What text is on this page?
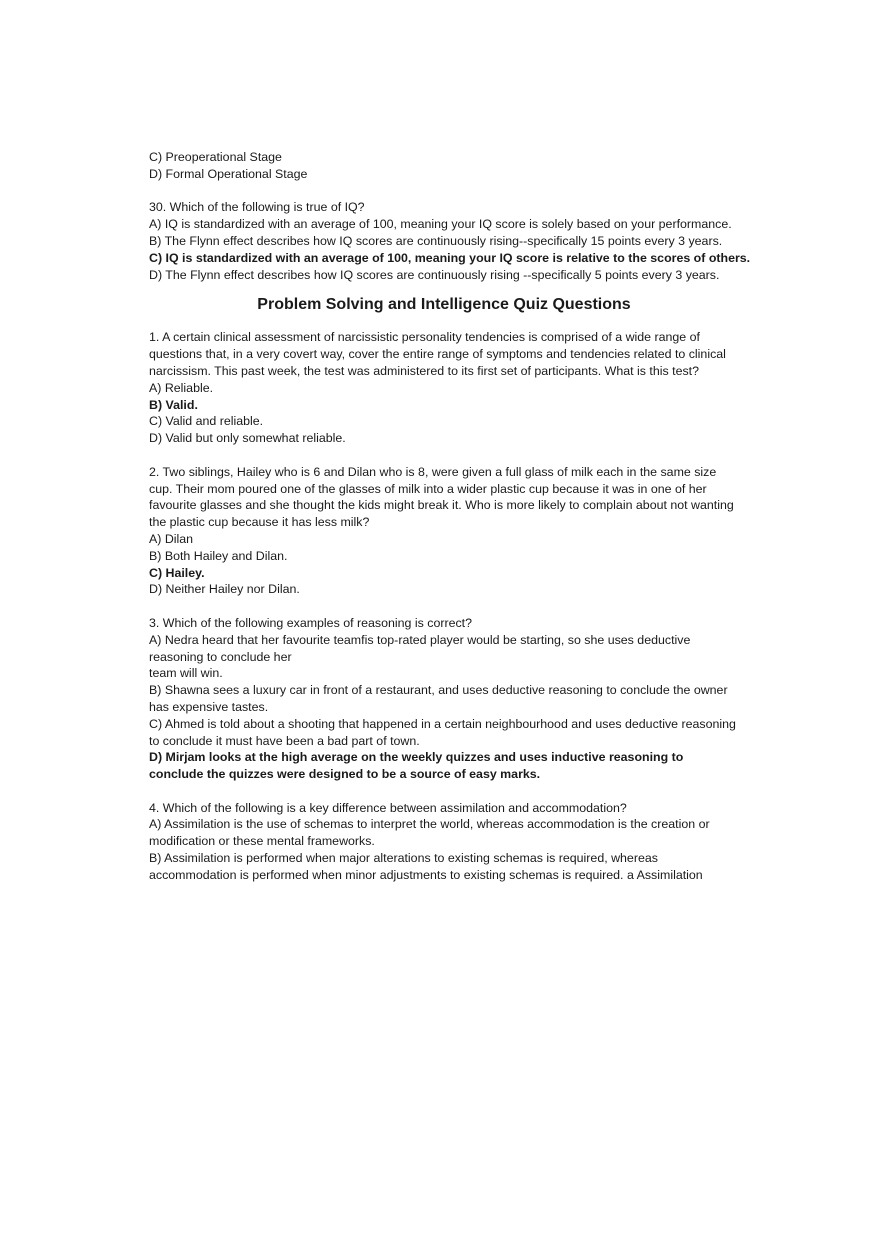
C) Preoperational Stage

D) Formal Operational Stage

30. Which of the following is true of IQ?

A) IQ is standardized with an average of 100, meaning your IQ score is solely based on your performance.

B) The Flynn effect describes how IQ scores are continuously rising--specifically 15 points every 3 years.

C) IQ is standardized with an average of 100, meaning your IQ score is relative to the scores of others.

D) The Flynn effect describes how IQ scores are continuously rising --specifically 5 points every 3 years.

Problem Solving and Intelligence Quiz Questions

1. A certain clinical assessment of narcissistic personality tendencies is comprised of a wide range of questions that, in a very covert way, cover the entire range of symptoms and tendencies related to clinical narcissism. This past week, the test was administered to its first set of participants. What is this test?

A) Reliable.

B) Valid.

C) Valid and reliable.

D) Valid but only somewhat reliable.

2. Two siblings, Hailey who is 6 and Dilan who is 8, were given a full glass of milk each in the same size cup. Their mom poured one of the glasses of milk into a wider plastic cup because it was in one of her favourite glasses and she thought the kids might break it. Who is more likely to complain about not wanting the plastic cup because it has less milk?

A) Dilan

B) Both Hailey and Dilan.

C) Hailey.

D) Neither Hailey nor Dilan.

3. Which of the following examples of reasoning is correct?

A) Nedra heard that her favourite teamfis top-rated player would be starting, so she uses deductive reasoning to conclude her

team will win.

B) Shawna sees a luxury car in front of a restaurant, and uses deductive reasoning to conclude the owner has expensive tastes.

C) Ahmed is told about a shooting that happened in a certain neighbourhood and uses deductive reasoning to conclude it must have been a bad part of town.

D) Mirjam looks at the high average on the weekly quizzes and uses inductive reasoning to conclude the quizzes were designed to be a source of easy marks.

4. Which of the following is a key difference between assimilation and accommodation?

A) Assimilation is the use of schemas to interpret the world, whereas accommodation is the creation or modification or these mental frameworks.

B) Assimilation is performed when major alterations to existing schemas is required, whereas accommodation is performed when minor adjustments to existing schemas is required. a Assimilation
